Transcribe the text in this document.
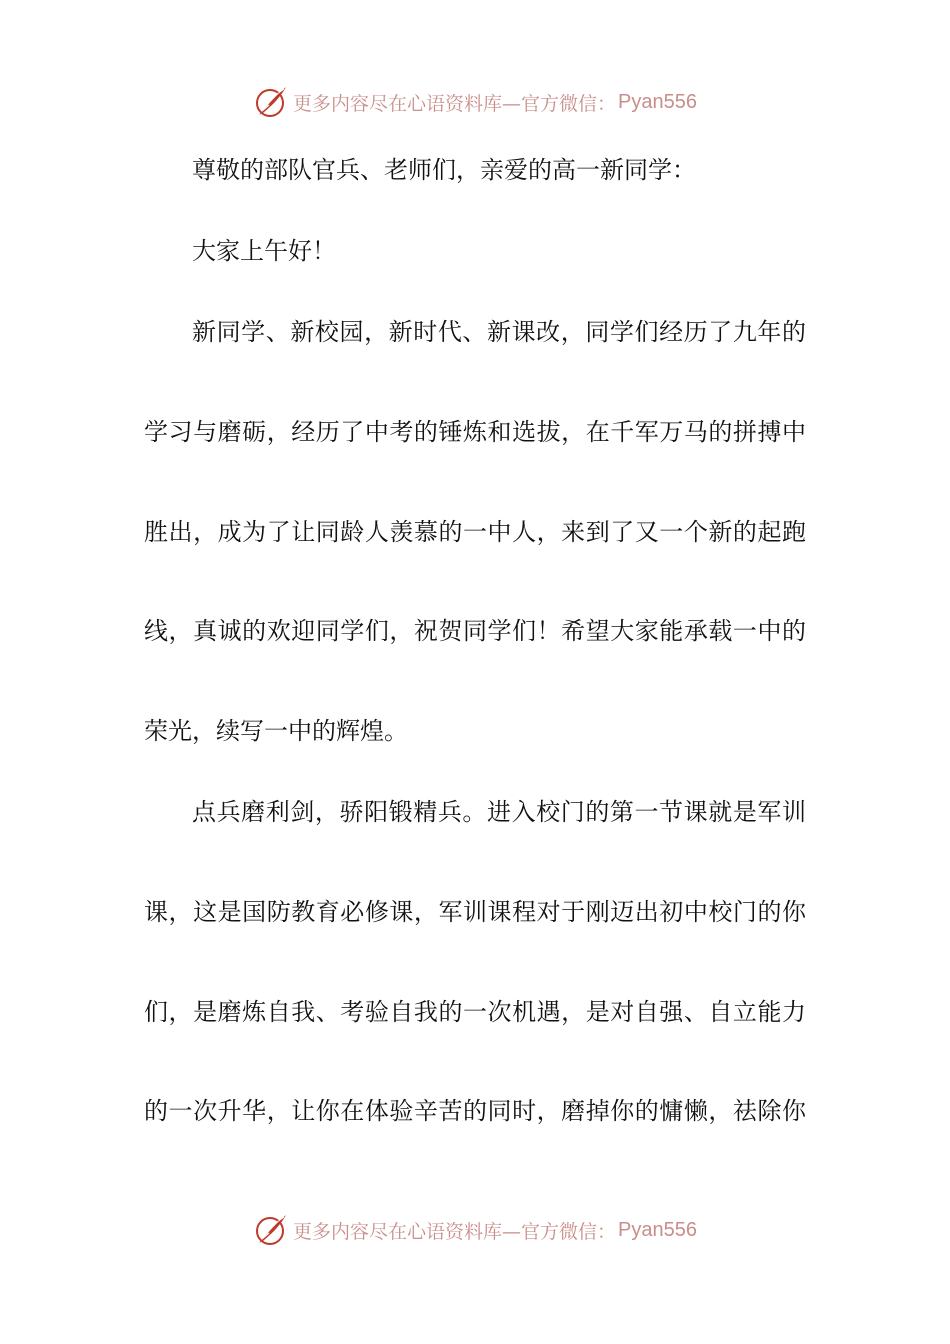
更多内容尽在心语资料库—官方微信： Pyan556
尊敬的部队官兵、老师们，亲爱的高一新同学：
大家上午好！
新同学、新校园，新时代、新课改，同学们经历了九年的
学习与磨砺，经历了中考的锤炼和选拔，在千军万马的拼搏中
胜出，成为了让同龄人羡慕的一中人，来到了又一个新的起跑
线，真诚的欢迎同学们，祝贺同学们！希望大家能承载一中的
荣光，续写一中的辉煌。
点兵磨利剑，骄阳锻精兵。进入校门的第一节课就是军训
课，这是国防教育必修课，军训课程对于刚迈出初中校门的你
们，是磨炼自我、考验自我的一次机遇，是对自强、自立能力
的一次升华，让你在体验辛苦的同时，磨掉你的慵懒，祛除你
更多内容尽在心语资料库—官方微信： Pyan556
